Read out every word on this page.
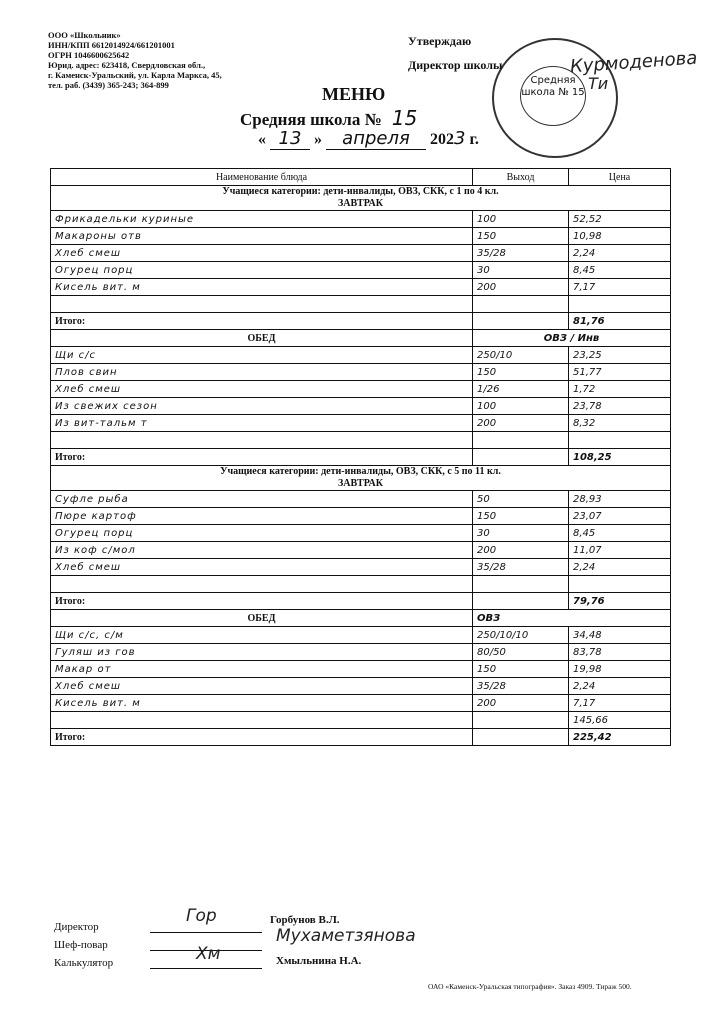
ООО «Школьник»
ИНН/КПП 6612014924/661201001
ОГРН 1046600625642
Юрид. адрес: 623418, Свердловская обл.,
г. Каменск-Уральский, ул. Карла Маркса, 45,
тел. раб. (3439) 365-243; 364-899	Средняя школа № 15
Утверждаю
Директор школы	Курмоденова
Ти
МЕНЮ
Средняя школа № 15
« 13 » апреля 2023 г.
Наименование блюда	Выход	Цена
Учащиеся категории: дети-инвалиды, ОВЗ, СКК, с 1 по 4 кл.
ЗАВТРАК		
Фрикадельки куриные	100	52,52
Макароны отв	150	10,98
Хлеб смеш	35/28	2,24
Огурец порц	30	8,45
Кисель вит. м	200	7,17

Итого:		81,76
ОБЕД	ОВЗ / Инв	
Щи с/с	250/10	23,25
Плов свин	150	51,77
Хлеб смеш	1/26	1,72
Из свежих сезон	100	23,78
Из вит-тальм т	200	8,32

Итого:		108,25
Учащиеся категории: дети-инвалиды, ОВЗ, СКК, с 5 по 11 кл.
ЗАВТРАК		
Суфле рыба	50	28,93
Пюре картоф	150	23,07
Огурец порц	30	8,45
Из коф с/мол	200	11,07
Хлеб смеш	35/28	2,24

Итого:		79,76
ОБЕД	ОВЗ	
Щи с/с, с/м	250/10/10	34,48
Гуляш из гов	80/50	83,78
Макар от	150	19,98
Хлеб смеш	35/28	2,24
Кисель вит. м	200	7,17
		145,66
Итого:		225,42
Директор
Гор	Горбунов В.Л.
Шеф-повар	Мухаметзянова
Калькулятор	Хм	Хмыльнина Н.А.
ОАО «Каменск-Уральская типография». Заказ 4909. Тираж 500.
